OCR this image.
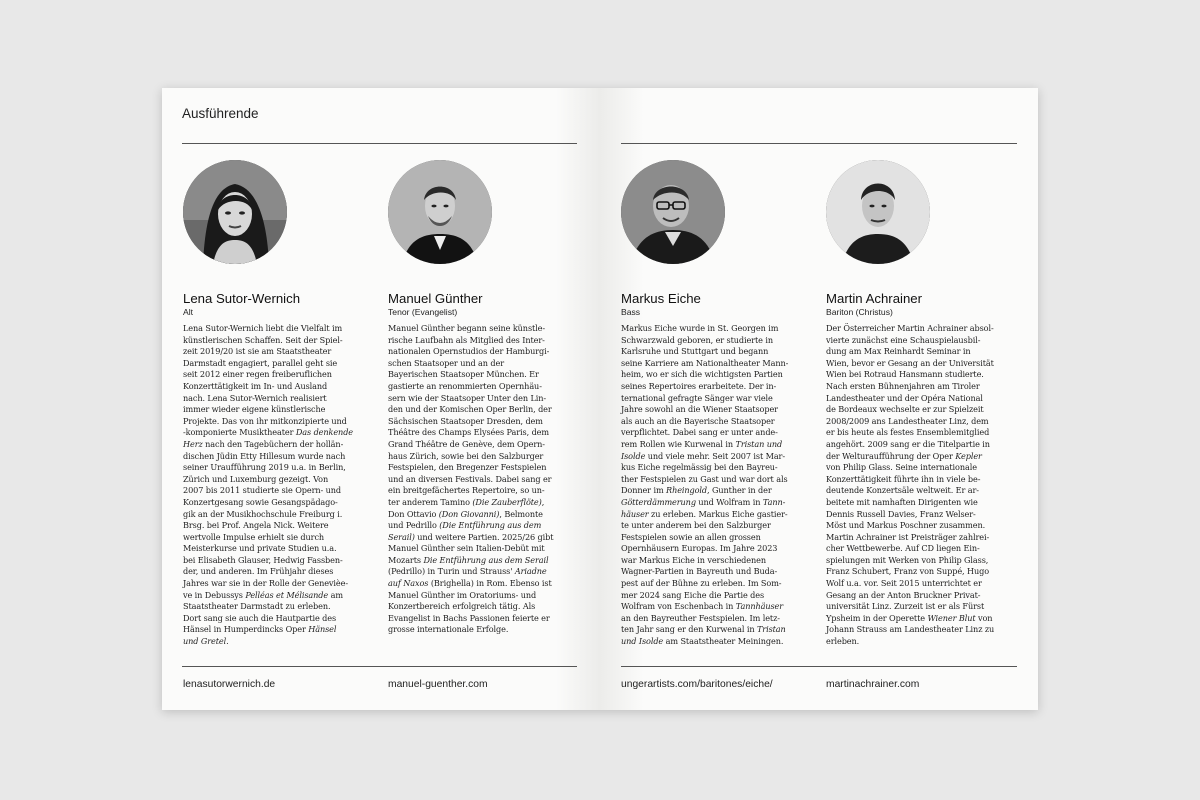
Ausführende
Lena Sutor-Wernich
Alt
Lena Sutor-Wernich liebt die Vielfalt im
künstlerischen Schaffen. Seit der Spiel-
zeit 2019/20 ist sie am Staatstheater
Darmstadt engagiert, parallel geht sie
seit 2012 einer regen freiberuflichen
Konzerttätigkeit im In- und Ausland
nach. Lena Sutor-Wernich realisiert
immer wieder eigene künstlerische
Projekte. Das von ihr mitkonzipierte und
-komponierte Musiktheater Das denkende
Herz nach den Tagebüchern der hollän-
dischen Jüdin Etty Hillesum wurde nach
seiner Uraufführung 2019 u.a. in Berlin,
Zürich und Luxemburg gezeigt. Von
2007 bis 2011 studierte sie Opern- und
Konzertgesang sowie Gesangspädago-
gik an der Musikhochschule Freiburg i.
Brsg. bei Prof. Angela Nick. Weitere
wertvolle Impulse erhielt sie durch
Meisterkurse und private Studien u.a.
bei Elisabeth Glauser, Hedwig Fassben-
der, und anderen. Im Frühjahr dieses
Jahres war sie in der Rolle der Genevièe-
ve in Debussys Pelléas et Mélisande am
Staatstheater Darmstadt zu erleben.
Dort sang sie auch die Hautpartie des
Hänsel in Humperdincks Oper Hänsel
und Gretel.
lenasutorwernich.de
Manuel Günther
Tenor (Evangelist)
Manuel Günther begann seine künstle-
rische Laufbahn als Mitglied des Inter-
nationalen Opernstudios der Hamburgi-
schen Staatsoper und an der
Bayerischen Staatsoper München. Er
gastierte an renommierten Opernhäu-
sern wie der Staatsoper Unter den Lin-
den und der Komischen Oper Berlin, der
Sächsischen Staatsoper Dresden, dem
Théâtre des Champs Elysées Paris, dem
Grand Théâtre de Genève, dem Opern-
haus Zürich, sowie bei den Salzburger
Festspielen, den Bregenzer Festspielen
und an diversen Festivals. Dabei sang er
ein breitgefächertes Repertoire, so un-
ter anderem Tamino (Die Zauberflöte),
Don Ottavio (Don Giovanni), Belmonte
und Pedrillo (Die Entführung aus dem
Serail) und weitere Partien. 2025/26 gibt
Manuel Günther sein Italien-Debüt mit
Mozarts Die Entführung aus dem Serail
(Pedrillo) in Turin und Strauss' Ariadne
auf Naxos (Brighella) in Rom. Ebenso ist
Manuel Günther im Oratoriums- und
Konzertbereich erfolgreich tätig. Als
Evangelist in Bachs Passionen feierte er
grosse internationale Erfolge.
manuel-guenther.com
Markus Eiche
Bass
Markus Eiche wurde in St. Georgen im
Schwarzwald geboren, er studierte in
Karlsruhe und Stuttgart und begann
seine Karriere am Nationaltheater Mann-
heim, wo er sich die wichtigsten Partien
seines Repertoires erarbeitete. Der in-
ternational gefragte Sänger war viele
Jahre sowohl an die Wiener Staatsoper
als auch an die Bayerische Staatsoper
verpflichtet. Dabei sang er unter ande-
rem Rollen wie Kurwenal in Tristan und
Isolde und viele mehr. Seit 2007 ist Mar-
kus Eiche regelmässig bei den Bayreu-
ther Festspielen zu Gast und war dort als
Donner im Rheingold, Gunther in der
Götterdämmerung und Wolfram in Tann-
häuser zu erleben. Markus Eiche gastier-
te unter anderem bei den Salzburger
Festspielen sowie an allen grossen
Opernhäusern Europas. Im Jahre 2023
war Markus Eiche in verschiedenen
Wagner-Partien in Bayreuth und Buda-
pest auf der Bühne zu erleben. Im Som-
mer 2024 sang Eiche die Partie des
Wolfram von Eschenbach in Tannhäuser
an den Bayreuther Festspielen. Im letz-
ten Jahr sang er den Kurwenal in Tristan
und Isolde am Staatstheater Meiningen.
ungerartists.com/baritones/eiche/
Martin Achrainer
Bariton (Christus)
Der Österreicher Martin Achrainer absol-
vierte zunächst eine Schauspielausbil-
dung am Max Reinhardt Seminar in
Wien, bevor er Gesang an der Universität
Wien bei Rotraud Hansmann studierte.
Nach ersten Bühnenjahren am Tiroler
Landestheater und der Opéra National
de Bordeaux wechselte er zur Spielzeit
2008/2009 ans Landestheater Linz, dem
er bis heute als festes Ensemblemitglied
angehört. 2009 sang er die Titelpartie in
der Welturaufführung der Oper Kepler
von Philip Glass. Seine internationale
Konzerttätigkeit führte ihn in viele be-
deutende Konzertsäle weltweit. Er ar-
beitete mit namhaften Dirigenten wie
Dennis Russell Davies, Franz Welser-
Möst und Markus Poschner zusammen.
Martin Achrainer ist Preisträger zahlrei-
cher Wettbewerbe. Auf CD liegen Ein-
spielungen mit Werken von Philip Glass,
Franz Schubert, Franz von Suppé, Hugo
Wolf u.a. vor. Seit 2015 unterrichtet er
Gesang an der Anton Bruckner Privat-
universität Linz. Zurzeit ist er als Fürst
Ypsheim in der Operette Wiener Blut von
Johann Strauss am Landestheater Linz zu
erleben.
martinachrainer.com
